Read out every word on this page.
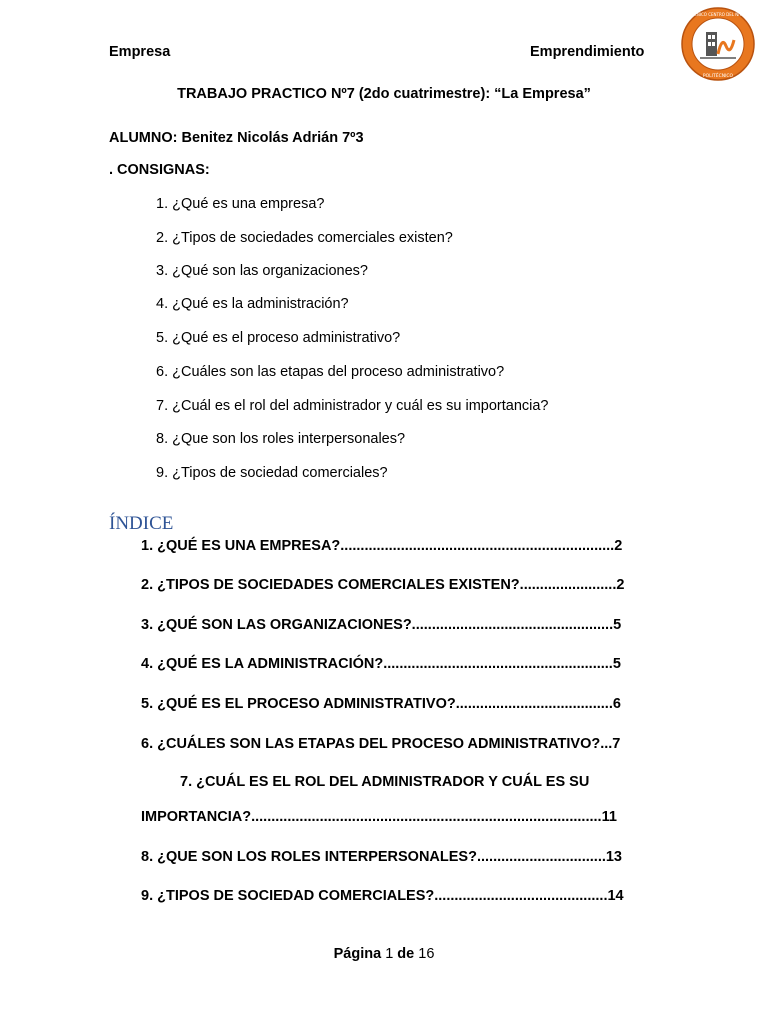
Empresa	Emprendimiento
TÉCNICO CENTRO DEL NIVEL
POLITÉCNICO
TRABAJO PRACTICO Nº7 (2do cuatrimestre): “La Empresa”
ALUMNO: Benitez Nicolás Adrián 7º3
. CONSIGNAS:
1. ¿Qué es una empresa?
2. ¿Tipos de sociedades comerciales existen?
3. ¿Qué son las organizaciones?
4. ¿Qué es la administración?
5. ¿Qué es el proceso administrativo?
6. ¿Cuáles son las etapas del proceso administrativo?
7. ¿Cuál es el rol del administrador y cuál es su importancia?
8. ¿Que son los roles interpersonales?
9. ¿Tipos de sociedad comerciales?
ÍNDICE
1. ¿QUÉ ES UNA EMPRESA?....................................................................2
2. ¿TIPOS DE SOCIEDADES COMERCIALES EXISTEN?........................2
3. ¿QUÉ SON LAS ORGANIZACIONES?..................................................5
4. ¿QUÉ ES LA ADMINISTRACIÓN?.........................................................5
5. ¿QUÉ ES EL PROCESO ADMINISTRATIVO?.......................................6
6. ¿CUÁLES SON LAS ETAPAS DEL PROCESO ADMINISTRATIVO?...7
7. ¿CUÁL ES EL ROL DEL ADMINISTRADOR Y CUÁL ES SU
IMPORTANCIA?.......................................................................................11
8. ¿QUE SON LOS ROLES INTERPERSONALES?................................13
9. ¿TIPOS DE SOCIEDAD COMERCIALES?...........................................14
Página 1 de 16
